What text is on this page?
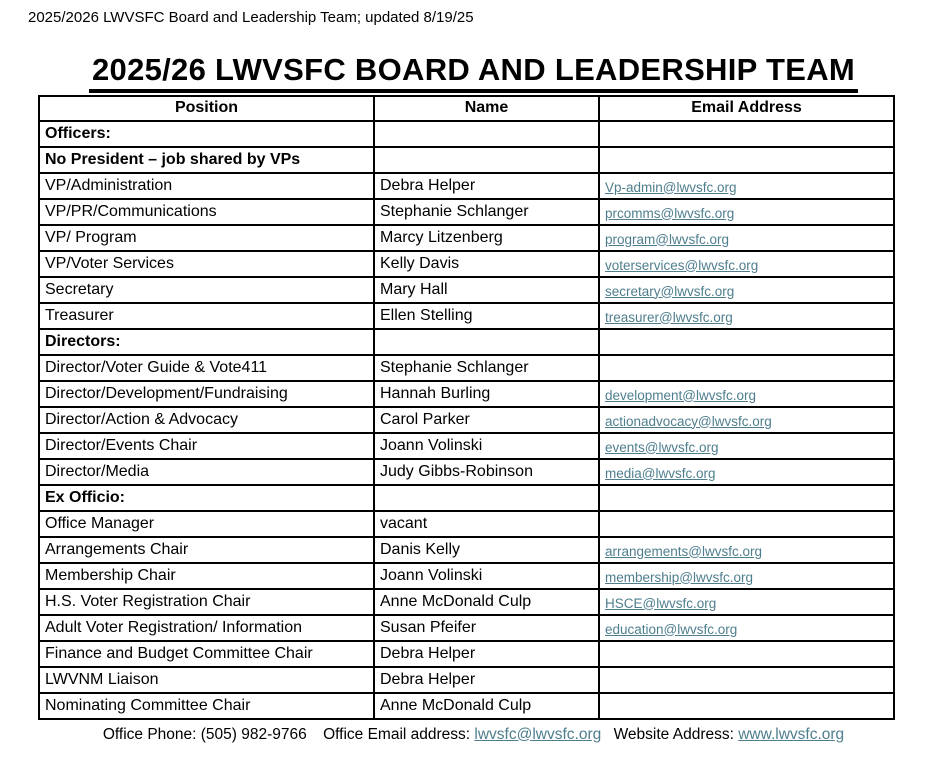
2025/2026 LWVSFC Board and Leadership Team; updated 8/19/25
2025/26 LWVSFC BOARD AND LEADERSHIP TEAM
Position	Name	Email Address
Officers:		
No President – job shared by VPs		
VP/Administration	Debra Helper	Vp-admin@lwvsfc.org
VP/PR/Communications	Stephanie Schlanger	prcomms@lwvsfc.org
VP/ Program	Marcy Litzenberg	program@lwvsfc.org
VP/Voter Services	Kelly Davis	voterservices@lwvsfc.org
Secretary	Mary Hall	secretary@lwvsfc.org
Treasurer	Ellen Stelling	treasurer@lwvsfc.org
Directors:		
Director/Voter Guide & Vote411	Stephanie Schlanger	
Director/Development/Fundraising	Hannah Burling	development@lwvsfc.org
Director/Action & Advocacy	Carol Parker	actionadvocacy@lwvsfc.org
Director/Events Chair	Joann Volinski	events@lwvsfc.org
Director/Media	Judy Gibbs-Robinson	media@lwvsfc.org
Ex Officio:		
Office Manager	vacant	
Arrangements Chair	Danis Kelly	arrangements@lwvsfc.org
Membership Chair	Joann Volinski	membership@lwvsfc.org
H.S. Voter Registration Chair	Anne McDonald Culp	HSCE@lwvsfc.org
Adult Voter Registration/ Information	Susan Pfeifer	education@lwvsfc.org
Finance and Budget Committee Chair	Debra Helper	
LWVNM Liaison	Debra Helper	
Nominating Committee Chair	Anne McDonald Culp	
Office Phone: (505) 982-9766 Office Email address: lwvsfc@lwvsfc.org Website Address: www.lwvsfc.org
